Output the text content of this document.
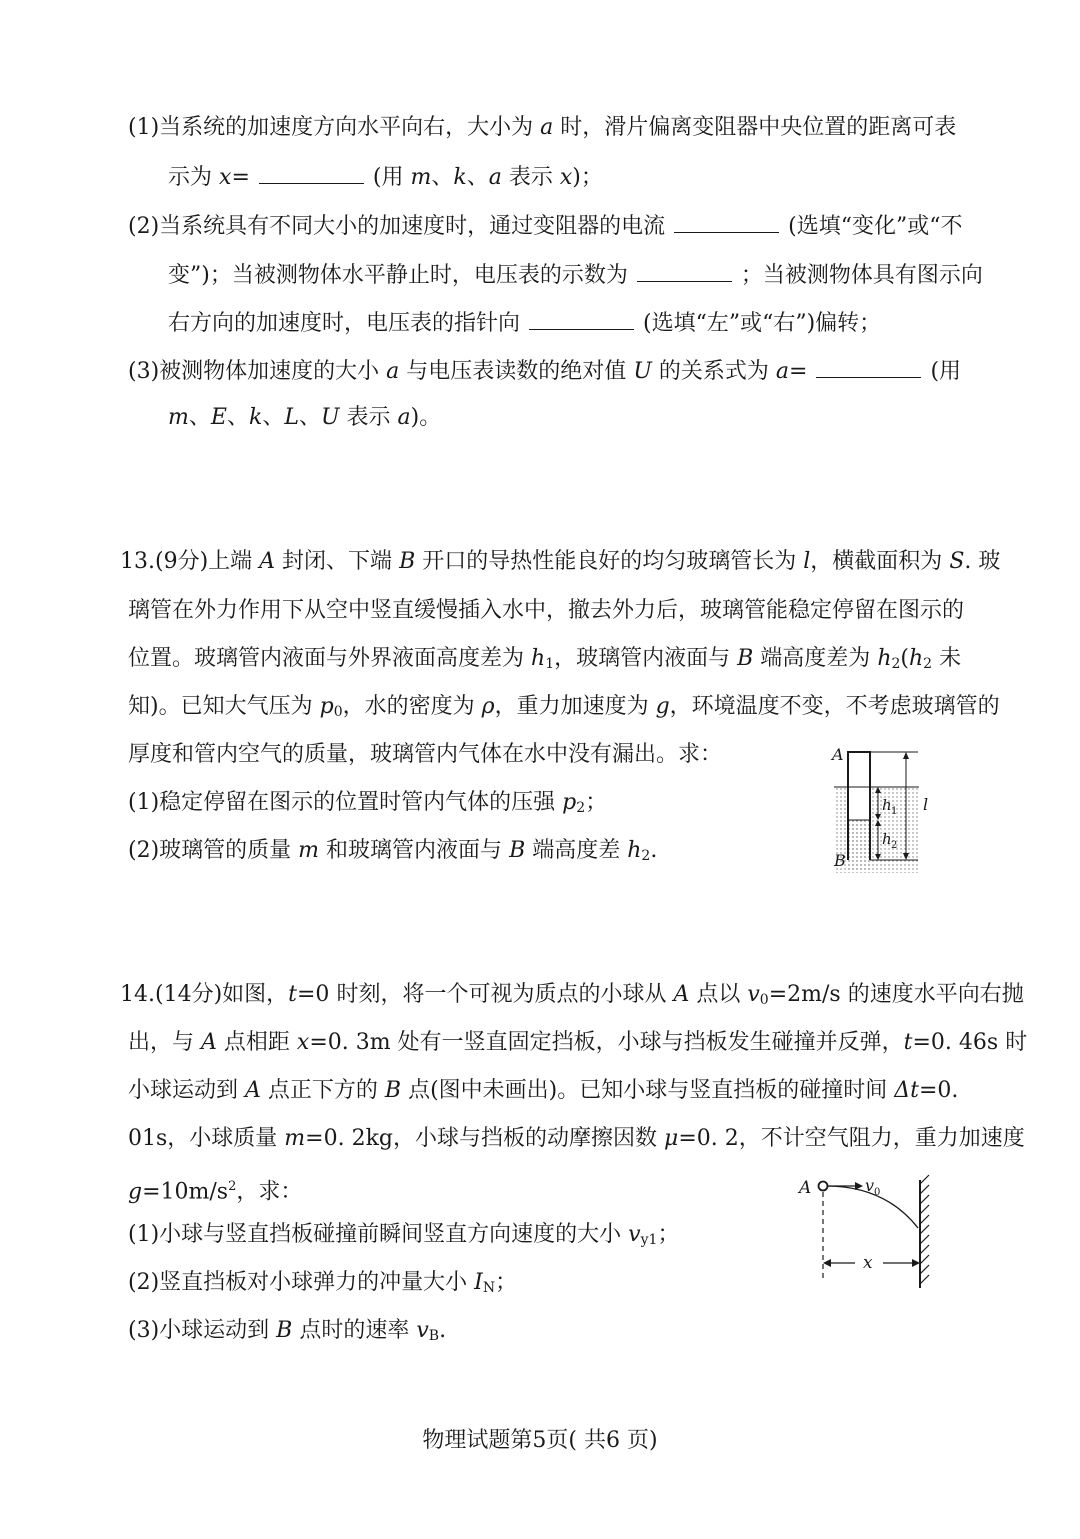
(1)当系统的加速度方向水平向右，大小为 a 时，滑片偏离变阻器中央位置的距离可表
示为 x=	(用 m、k、a 表示 x)；
(2)当系统具有不同大小的加速度时，通过变阻器的电流	(选填“变化”或“不
变”)；当被测物体水平静止时，电压表的示数为	；当被测物体具有图示向
右方向的加速度时，电压表的指针向	(选填“左”或“右”)偏转；
(3)被测物体加速度的大小 a 与电压表读数的绝对值 U 的关系式为 a=	(用
m、E、k、L、U 表示 a)。
13.(9分)上端 A 封闭、下端 B 开口的导热性能良好的均匀玻璃管长为 l，横截面积为 S. 玻
璃管在外力作用下从空中竖直缓慢插入水中，撤去外力后，玻璃管能稳定停留在图示的
位置。玻璃管内液面与外界液面高度差为 $h_1$，玻璃管内液面与 B 端高度差为 $h_2(h_2$ 未
知)。已知大气压为 $p_0$，水的密度为 ρ，重力加速度为 g，环境温度不变，不考虑玻璃管的
厚度和管内空气的质量，玻璃管内气体在水中没有漏出。求：
(1)稳定停留在图示的位置时管内气体的压强 $p_2$；
(2)玻璃管的质量 m 和玻璃管内液面与 B 端高度差 $h_2$.
A
B
h 1
h 2
l
14.(14分)如图，t=0 时刻，将一个可视为质点的小球从 A 点以 $v_0=2m/s$ 的速度水平向右抛
出，与 A 点相距 x=0. 3m 处有一竖直固定挡板，小球与挡板发生碰撞并反弹，t=0. 46s 时
小球运动到 A 点正下方的 B 点(图中未画出)。已知小球与竖直挡板的碰撞时间 Δt=0.
01s，小球质量 m=0. 2kg，小球与挡板的动摩擦因数 μ=0. 2，不计空气阻力，重力加速度
$g=10m/s^2$，求：
(1)小球与竖直挡板碰撞前瞬间竖直方向速度的大小 $v_{y1}$；
(2)竖直挡板对小球弹力的冲量大小 $I_N$；
(3)小球运动到 B 点时的速率 $v_B$.
A	v 0
x
物理试题第5页( 共6 页)
